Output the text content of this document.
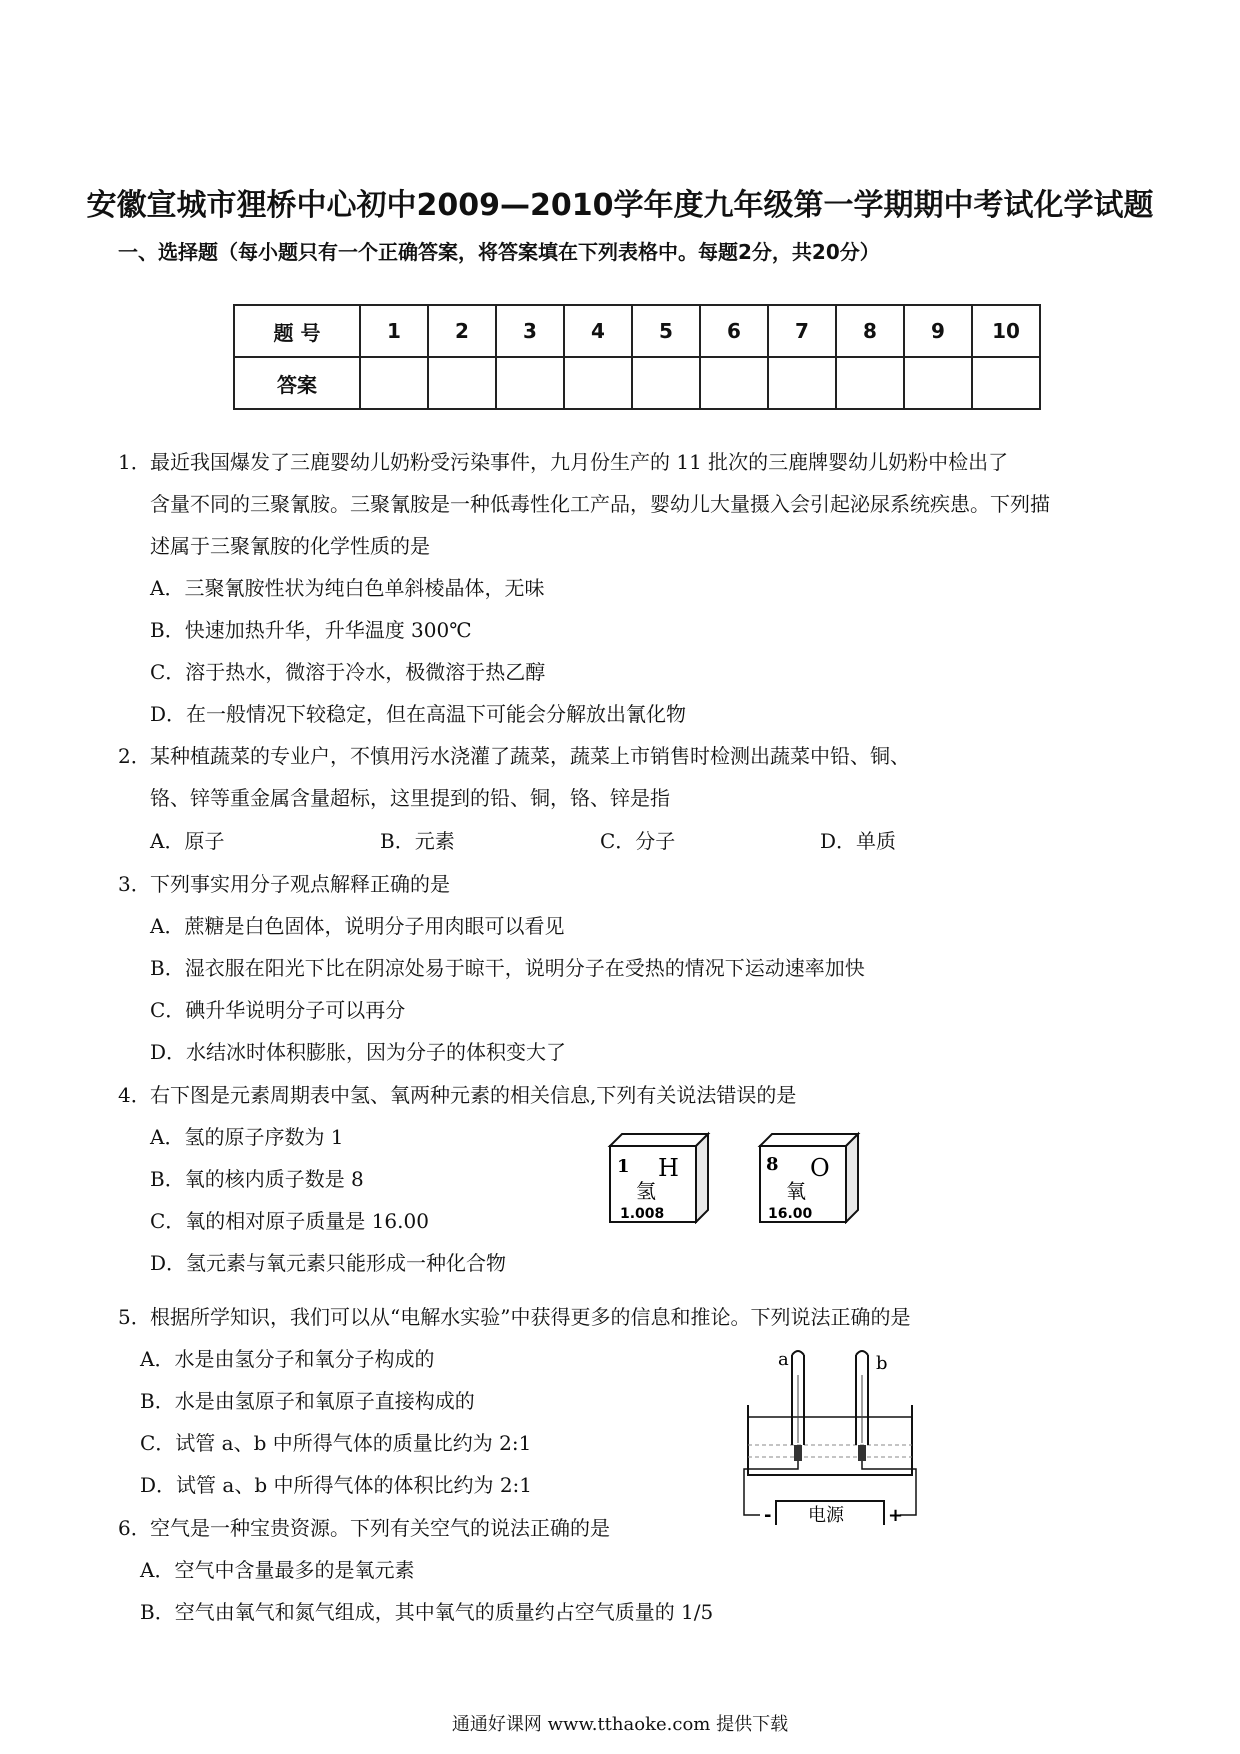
安徽宣城市狸桥中心初中2009—2010学年度九年级第一学期期中考试化学试题
一、选择题（每小题只有一个正确答案，将答案填在下列表格中。每题2分，共20分）
题 号	1	2	3	4	5	6	7	8	9	10
答案										
1． 最近我国爆发了三鹿婴幼儿奶粉受污染事件，九月份生产的 11 批次的三鹿牌婴幼儿奶粉中检出了
含量不同的三聚氰胺。三聚氰胺是一种低毒性化工产品，婴幼儿大量摄入会引起泌尿系统疾患。下列描
述属于三聚氰胺的化学性质的是
A．三聚氰胺性状为纯白色单斜棱晶体，无味
B．快速加热升华，升华温度 300℃
C．溶于热水，微溶于冷水，极微溶于热乙醇
D．在一般情况下较稳定，但在高温下可能会分解放出氰化物
2． 某种植蔬菜的专业户，不慎用污水浇灌了蔬菜，蔬菜上市销售时检测出蔬菜中铅、铜、
铬、锌等重金属含量超标，这里提到的铅、铜，铬、锌是指
A．原子	B．元素	C．分子	D．单质
3． 下列事实用分子观点解释正确的是
A．蔗糖是白色固体，说明分子用肉眼可以看见
B．湿衣服在阳光下比在阴凉处易于晾干，说明分子在受热的情况下运动速率加快
C．碘升华说明分子可以再分
D．水结冰时体积膨胀，因为分子的体积变大了
4． 右下图是元素周期表中氢、氧两种元素的相关信息,下列有关说法错误的是
A．氢的原子序数为 1
B．氧的核内质子数是 8
C．氧的相对原子质量是 16.00
D．氢元素与氧元素只能形成一种化合物
1 H
氢
1.008
8 O
氧
16.00
5． 根据所学知识，我们可以从“电解水实验”中获得更多的信息和推论。下列说法正确的是
A．水是由氢分子和氧分子构成的
B．水是由氢原子和氧原子直接构成的
C．试管 a、b 中所得气体的质量比约为 2:1
D．试管 a、b 中所得气体的体积比约为 2:1
a	b
- 电源 +
6． 空气是一种宝贵资源。下列有关空气的说法正确的是
A．空气中含量最多的是氧元素
B．空气由氧气和氮气组成，其中氧气的质量约占空气质量的 1/5
通通好课网 www.tthaoke.com 提供下载
